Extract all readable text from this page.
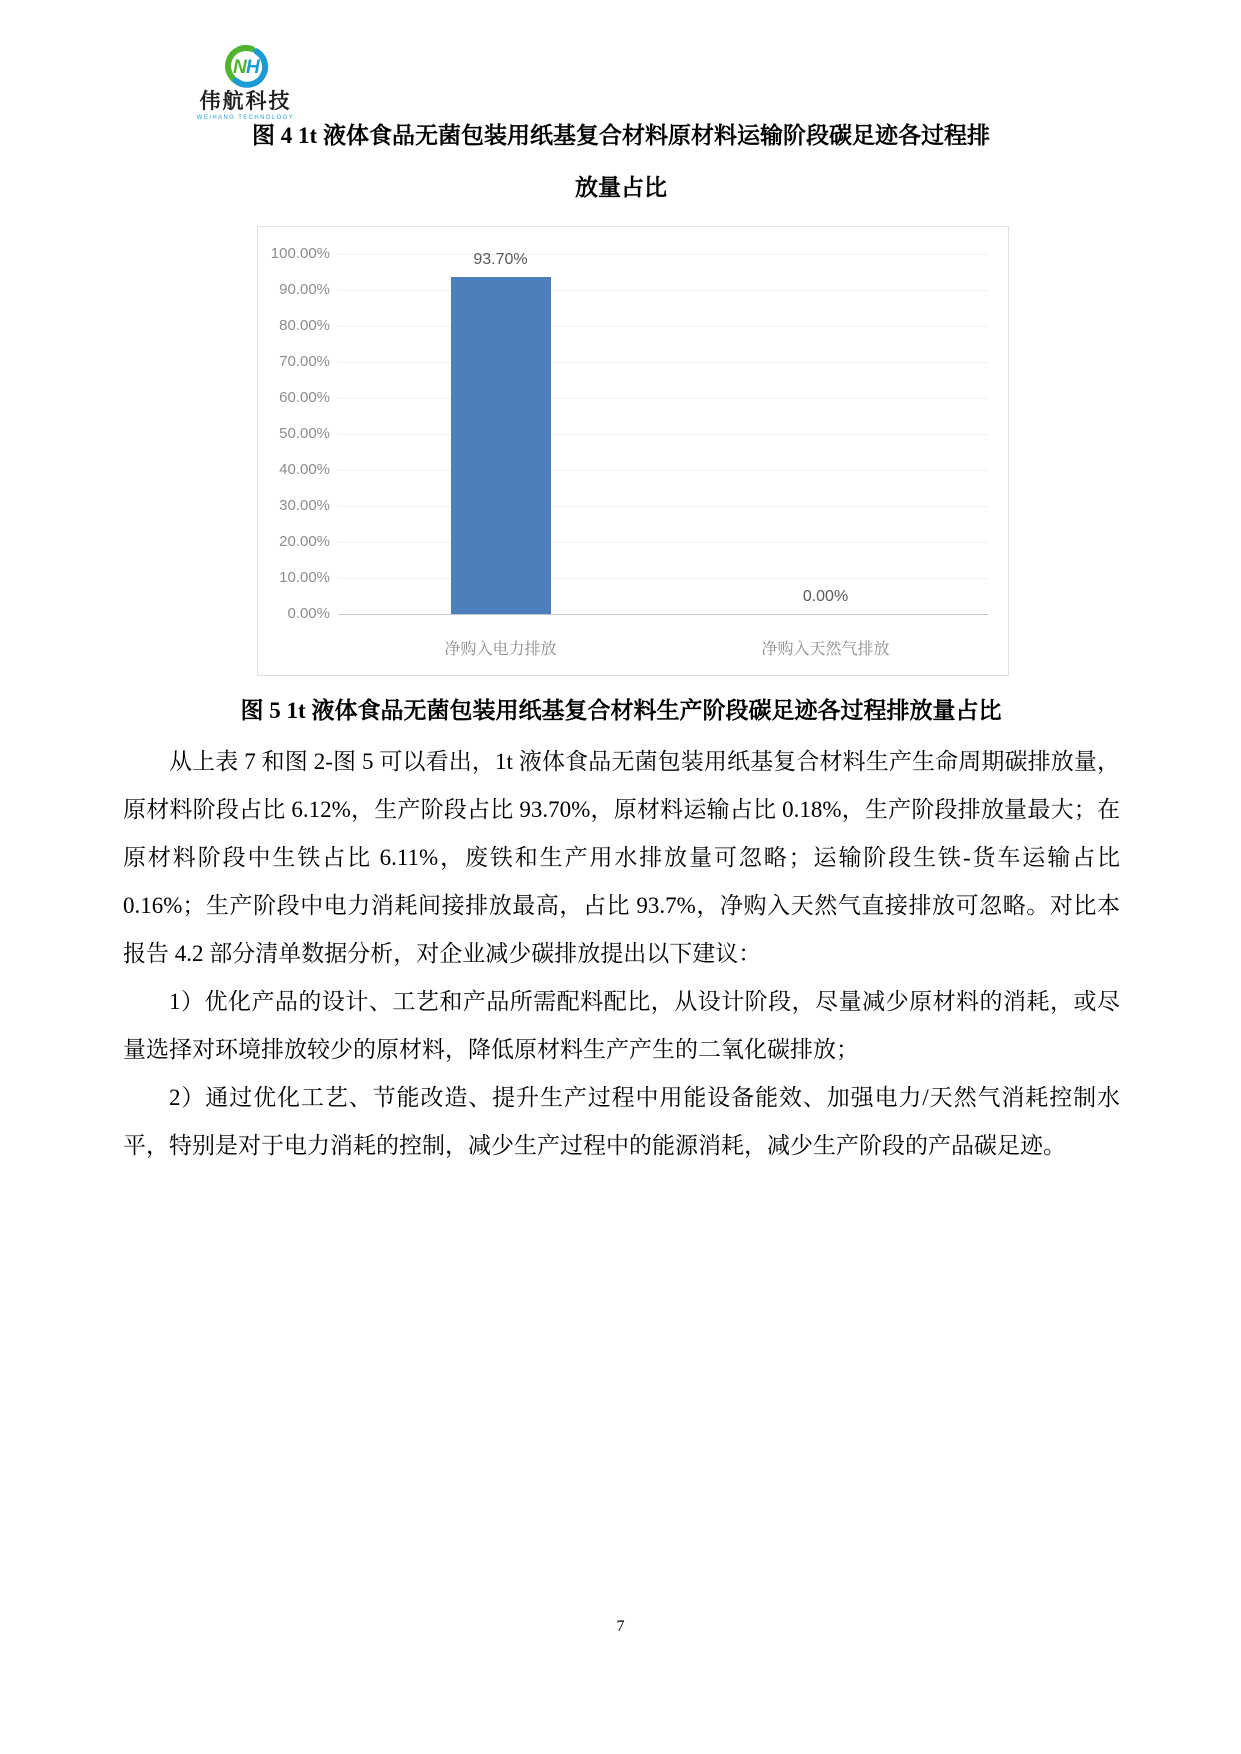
N H
伟航科技
WEIHANG TECHNOLOGY
图 4 1t 液体食品无菌包装用纸基复合材料原材料运输阶段碳足迹各过程排
放量占比
0.00%
10.00%
20.00%
30.00%
40.00%
50.00%
60.00%
70.00%
80.00%
90.00%
100.00%	93.70%
净购入电力排放
0.00%
净购入天然气排放
图 5 1t 液体食品无菌包装用纸基复合材料生产阶段碳足迹各过程排放量占比

从上表 7 和图 2-图 5 可以看出，1t 液体食品无菌包装用纸基复合材料生产生命周期碳排放量，原材料阶段占比 6.12%，生产阶段占比 93.70%，原材料运输占比 0.18%，生产阶段排放量最大；在原材料阶段中生铁占比 6.11%，废铁和生产用水排放量可忽略；运输阶段生铁-货车运输占比 0.16%；生产阶段中电力消耗间接排放最高，占比 93.7%，净购入天然气直接排放可忽略。对比本报告 4.2 部分清单数据分析，对企业减少碳排放提出以下建议：

1）优化产品的设计、工艺和产品所需配料配比，从设计阶段，尽量减少原材料的消耗，或尽量选择对环境排放较少的原材料，降低原材料生产产生的二氧化碳排放；

2）通过优化工艺、节能改造、提升生产过程中用能设备能效、加强电力/天然气消耗控制水平，特别是对于电力消耗的控制，减少生产过程中的能源消耗，减少生产阶段的产品碳足迹。

7
